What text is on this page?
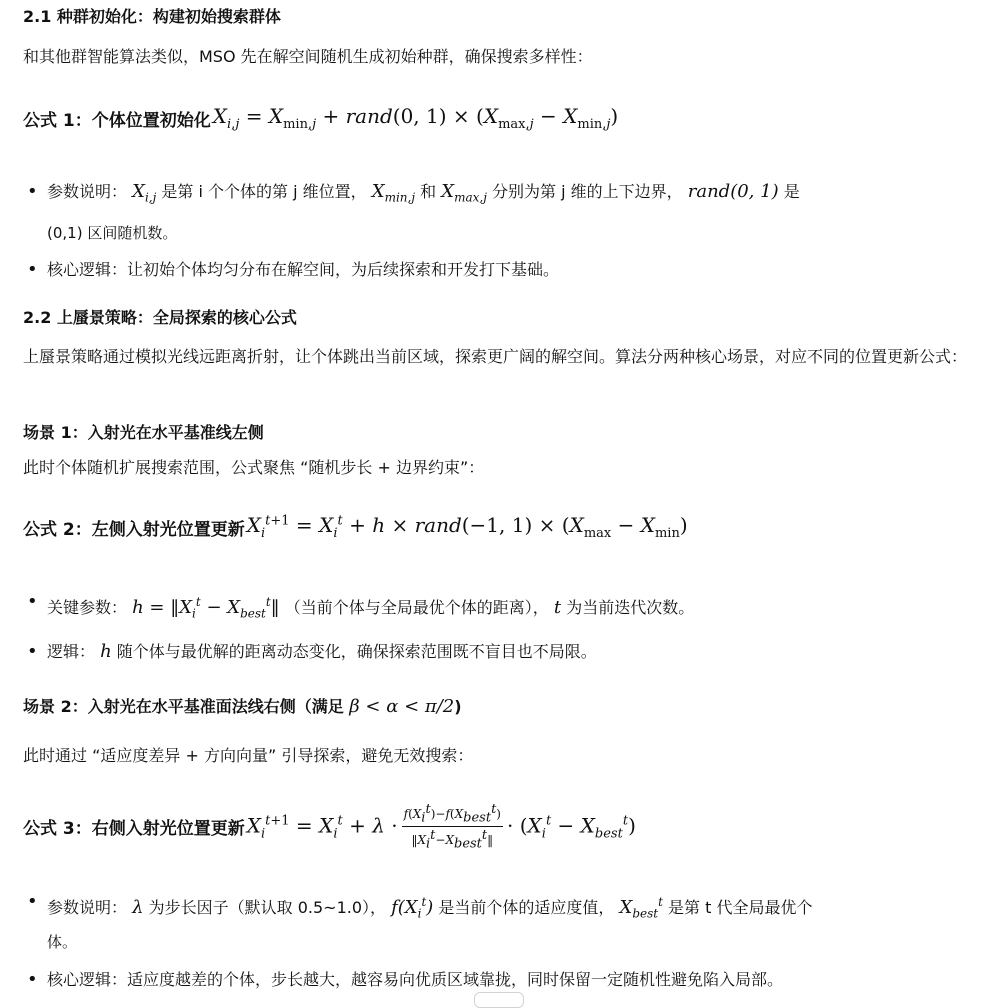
2.1 种群初始化：构建初始搜索群体
和其他群智能算法类似，MSO 先在解空间随机生成初始种群，确保搜索多样性：
公式 1：个体位置初始化 $X_{i,j} = X_{min,j}$ + rand(0, $1) \times (X_{max,j} - X_{min,j})$
• 参数说明： $X_{i,j}$ 是第 i 个个体的第 j 维位置， $X_{min,j}$ 和 $X_{max,j}$ 分别为第 j 维的上下边界， rand(0, 1) 是
(0,1) 区间随机数。
• 核心逻辑：让初始个体均匀分布在解空间，为后续探索和开发打下基础。
2.2 上蜃景策略：全局探索的核心公式
上蜃景策略通过模拟光线远距离折射，让个体跳出当前区域，探索更广阔的解空间。算法分两种核心场景，对应不同的位置更新公式：
场景 1：入射光在水平基准线左侧
此时个体随机扩展搜索范围，公式聚焦 “随机步长 + 边界约束”：
公式 2：左侧入射光位置更新 $X_i^{t+1} = X_i^t + h$ × rand(−1, $1) \times (X_{max} - X_{min})$
• 关键参数： $h = ‖X_i^t$ − $X_{best}^t‖$ （当前个体与全局最优个体的距离）， t 为当前迭代次数。
• 逻辑： h 随个体与最优解的距离动态变化，确保探索范围既不盲目也不局限。
场景 2：入射光在水平基准面法线右侧（满足 β < α < π/2)
此时通过 “适应度差异 + 方向向量” 引导探索，避免无效搜索：
公式 3：右侧入射光位置更新 $X_i^{t+1} = X_i^t + \lambda \cdot \frac{f(X_i^t)-f(X_{best}^t)}{‖X_i^t-X_{best}^t‖} \cdot (X_i^t - X_{best}^t)$
• 参数说明： λ 为步长因子（默认取 0.5~1.0）， $f(X_i^t)$ 是当前个体的适应度值， $X_{best}^t$ 是第 t 代全局最优个
体。
• 核心逻辑：适应度越差的个体，步长越大，越容易向优质区域靠拢，同时保留一定随机性避免陷入局部。
